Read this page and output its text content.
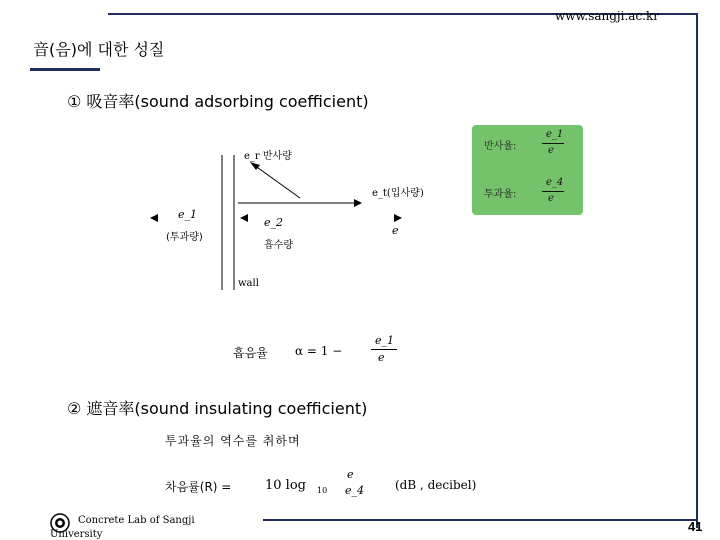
www.sangji.ac.kr
音(음)에 대한 성질
① 吸音率(sound adsorbing coefficient)
② 遮音率(sound insulating coefficient)
e_r 반사량
e_t(입사량)
e_1
(투과량)
e_2
흡수량
e
wall
반사율:
e_1
e
투과율:
e_4
e
흡음율 α = 1 −
e_1
e
투과율의 역수를 취하며
차음률(R) =	10 log 10
e
e_4	(dB , decibel)
Concrete Lab of Sangji
University
41
